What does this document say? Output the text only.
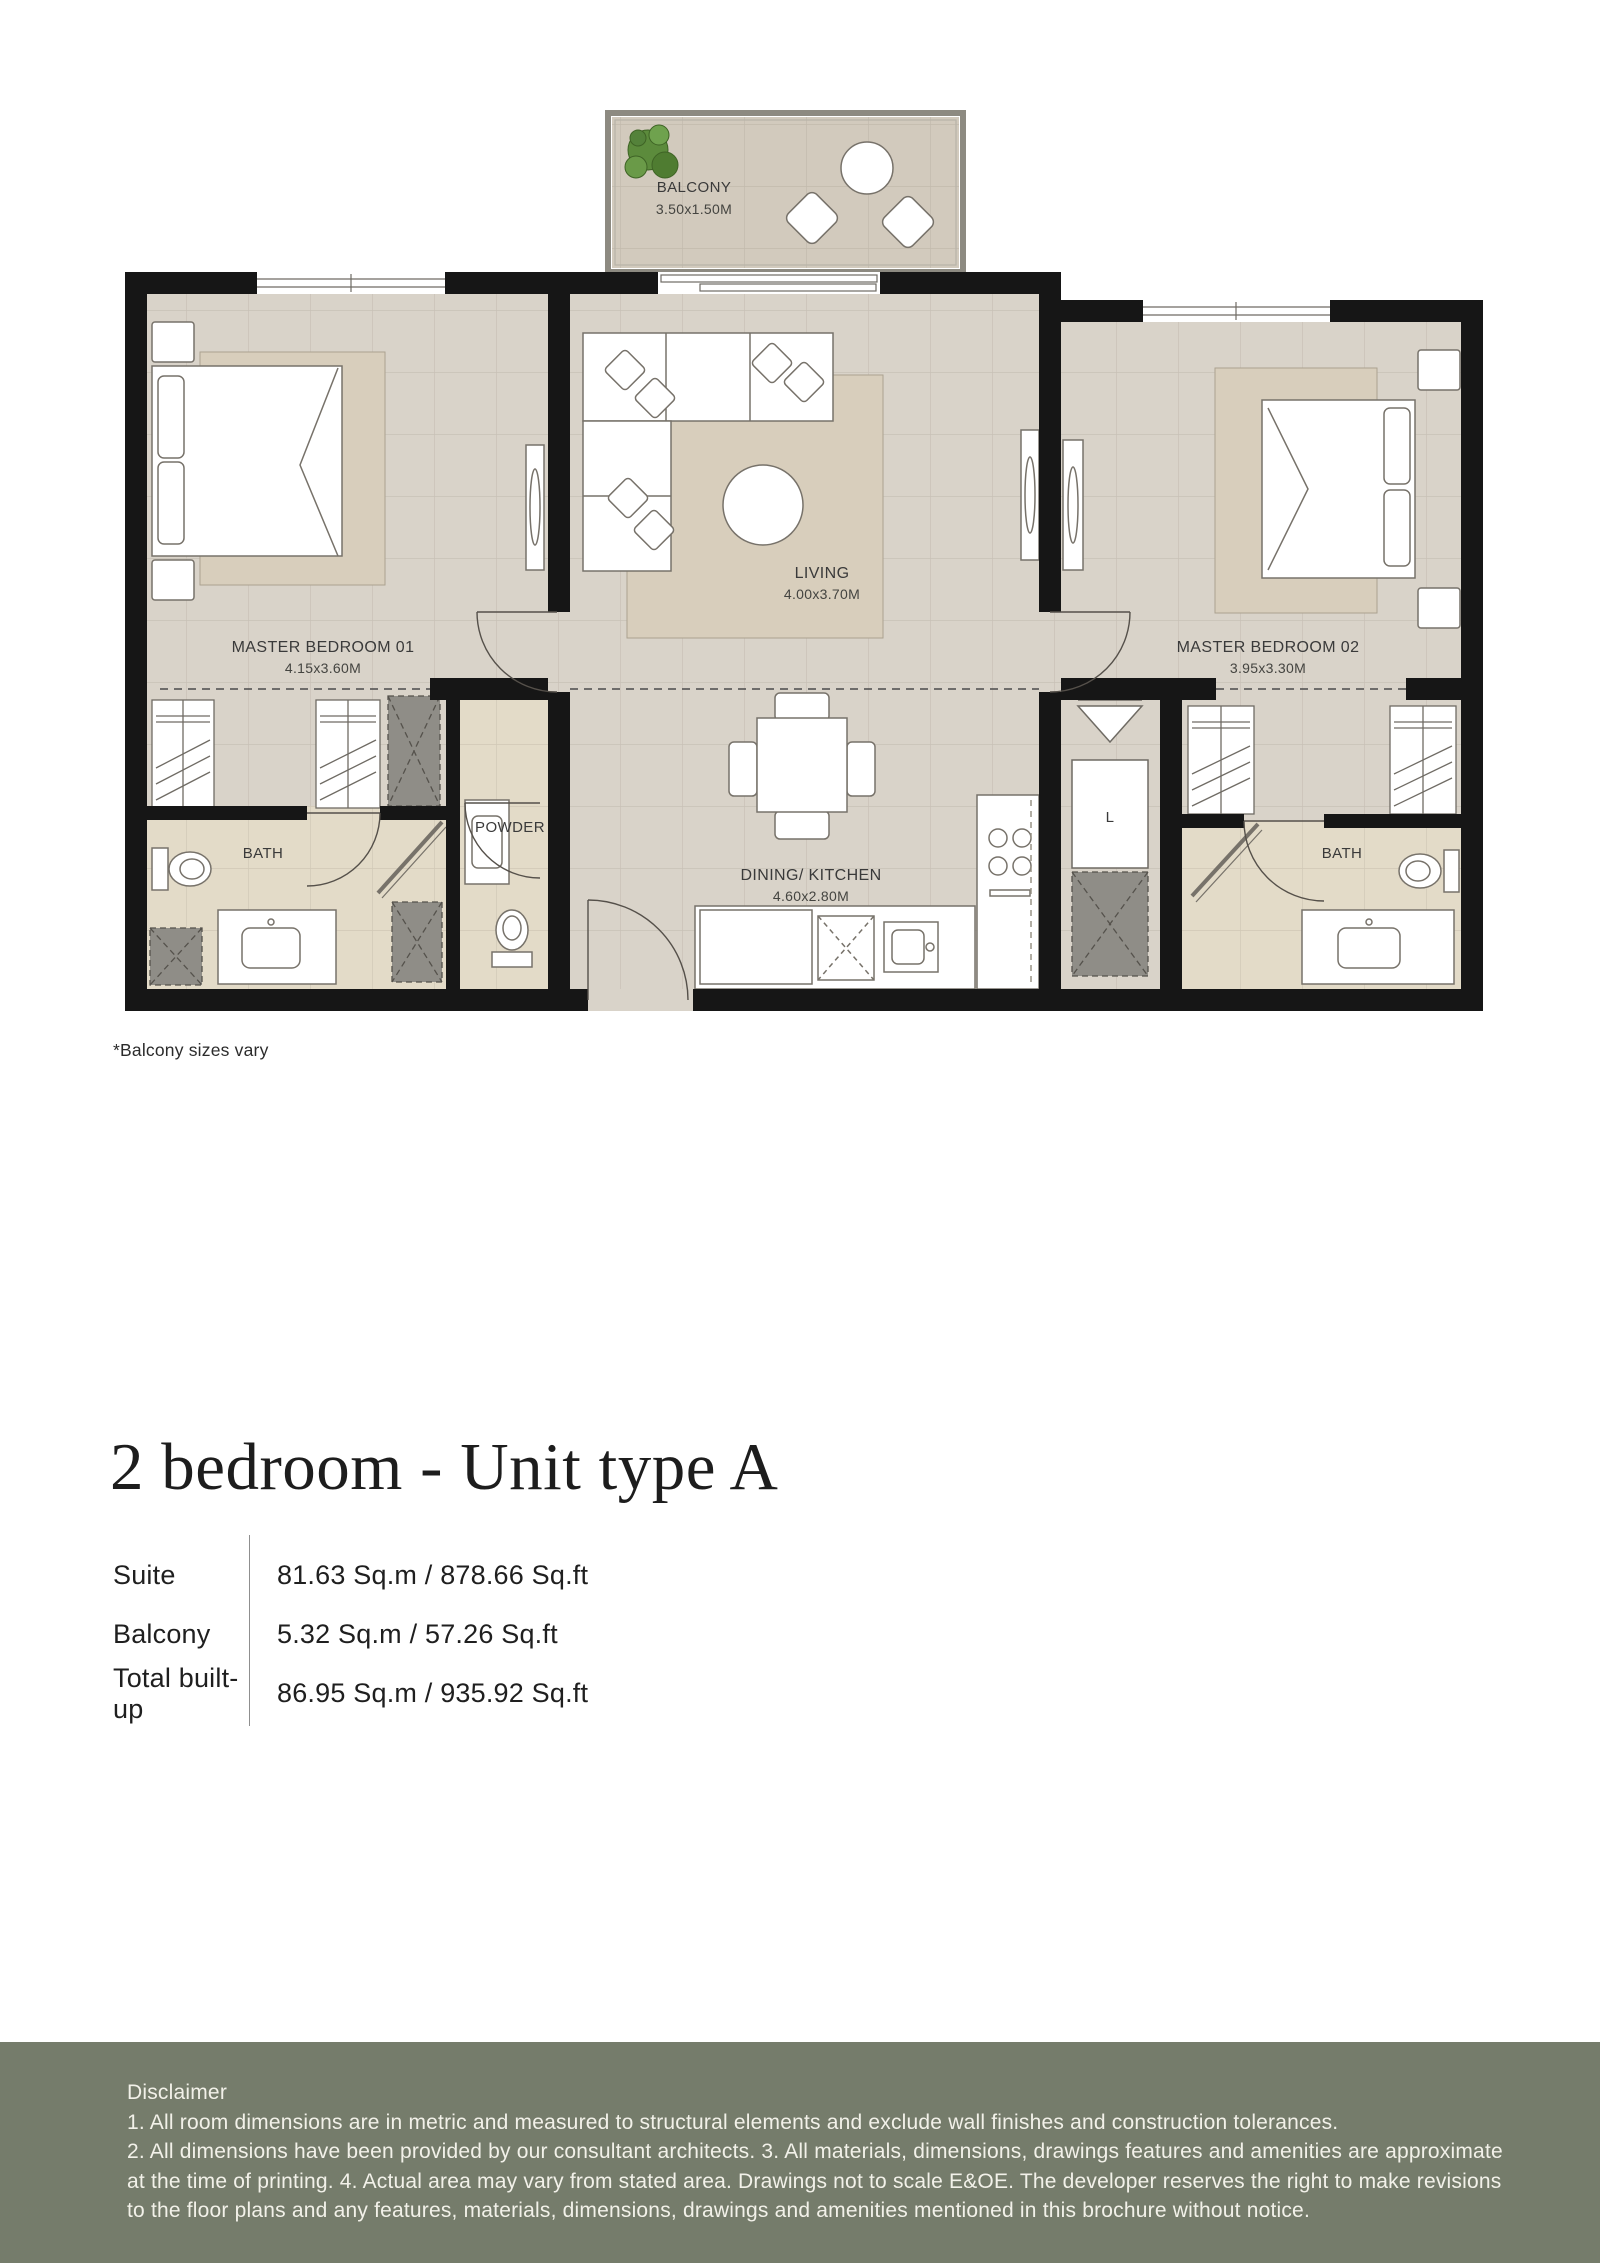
BALCONY
3.50x1.50M
MASTER BEDROOM 01
4.15x3.60M
LIVING
4.00x3.70M
MASTER BEDROOM 02
3.95x3.30M
BATH
POWDER
DINING/ KITCHEN
4.60x2.80M
L
BATH
*Balcony sizes vary
2 bedroom - Unit type A
Suite	81.63 Sq.m / 878.66 Sq.ft
Balcony	5.32 Sq.m / 57.26 Sq.ft
Total built-up
86.95 Sq.m / 935.92 Sq.ft
Disclaimer
1. All room dimensions are in metric and measured to structural elements and exclude wall finishes and construction tolerances.
2. All dimensions have been provided by our consultant architects. 3. All materials, dimensions, drawings features and amenities are approximate
at the time of printing. 4. Actual area may vary from stated area. Drawings not to scale E&OE. The developer reserves the right to make revisions
to the floor plans and any features, materials, dimensions, drawings and amenities mentioned in this brochure without notice.
